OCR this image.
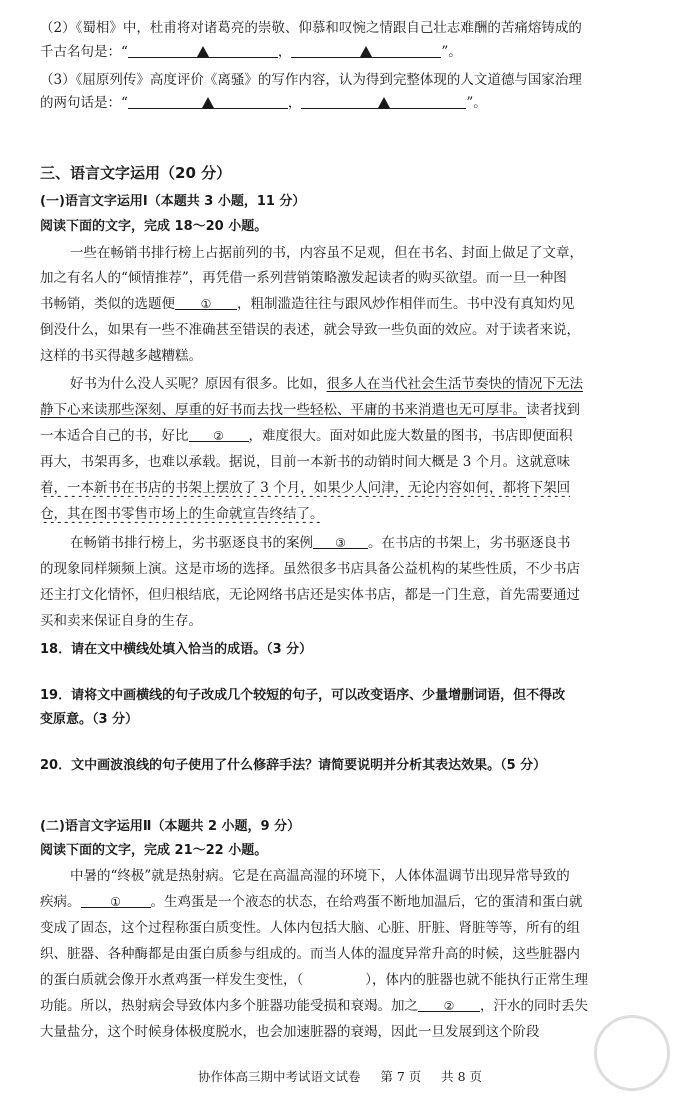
（2）《蜀相》中，杜甫将对诸葛亮的崇敬、仰慕和叹惋之情跟自己壮志难酬的苦痛熔铸成的
千古名句是：“	，	”。
（3）《屈原列传》高度评价《离骚》的写作内容，认为得到完整体现的人文道德与国家治理
的两句话是：“	，	”。
三、语言文字运用（20 分）
(一)语言文字运用Ⅰ（本题共 3 小题，11 分）
阅读下面的文字，完成 18～20 小题。
一些在畅销书排行榜上占据前列的书，内容虽不足观，但在书名、封面上做足了文章，
加之有名人的“倾情推荐”，再凭借一系列营销策略激发起读者的购买欲望。而一旦一种图
书畅销，类似的选题便 ① ，粗制滥造往往与跟风炒作相伴而生。书中没有真知灼见
倒没什么，如果有一些不准确甚至错误的表述，就会导致一些负面的效应。对于读者来说，
这样的书买得越多越糟糕。
好书为什么没人买呢？原因有很多。比如，很多人在当代社会生活节奏快的情况下无法
静下心来读那些深刻、厚重的好书而去找一些轻松、平庸的书来消遣也无可厚非。读者找到
一本适合自己的书，好比 ② ，难度很大。面对如此庞大数量的图书，书店即便面积
再大，书架再多，也难以承载。据说，目前一本新书的动销时间大概是 3 个月。这就意味
着，一本新书在书店的书架上摆放了 3 个月，如果少人问津，无论内容如何，都将下架回
仓，其在图书零售市场上的生命就宣告终结了。
在畅销书排行榜上，劣书驱逐良书的案例 ③ 。在书店的书架上，劣书驱逐良书
的现象同样频频上演。这是市场的选择。虽然很多书店具备公益机构的某些性质，不少书店
还主打文化情怀，但归根结底，无论网络书店还是实体书店，都是一门生意，首先需要通过
买和卖来保证自身的生存。
18．请在文中横线处填入恰当的成语。（3 分）
19．请将文中画横线的句子改成几个较短的句子，可以改变语序、少量增删词语，但不得改
变原意。（3 分）
20．文中画波浪线的句子使用了什么修辞手法？请简要说明并分析其表达效果。（5 分）
(二)语言文字运用Ⅱ（本题共 2 小题，9 分）
阅读下面的文字，完成 21～22 小题。
中暑的“终极”就是热射病。它是在高温高湿的环境下，人体体温调节出现异常导致的
疾病。 ① 。生鸡蛋是一个液态的状态，在给鸡蛋不断地加温后，它的蛋清和蛋白就
变成了固态，这个过程称蛋白质变性。人体内包括大脑、心脏、肝脏、肾脏等等，所有的组
织、脏器、各种酶都是由蛋白质参与组成的。而当人体的温度异常升高的时候，这些脏器内
的蛋白质就会像开水煮鸡蛋一样发生变性，（	），体内的脏器也就不能执行正常生理
功能。所以，热射病会导致体内多个脏器功能受损和衰竭。加之 ② ，汗水的同时丢失
大量盐分，这个时候身体极度脱水，也会加速脏器的衰竭，因此一旦发展到这个阶段
协作体高三期中考试语文试卷 第 7 页 共 8 页
